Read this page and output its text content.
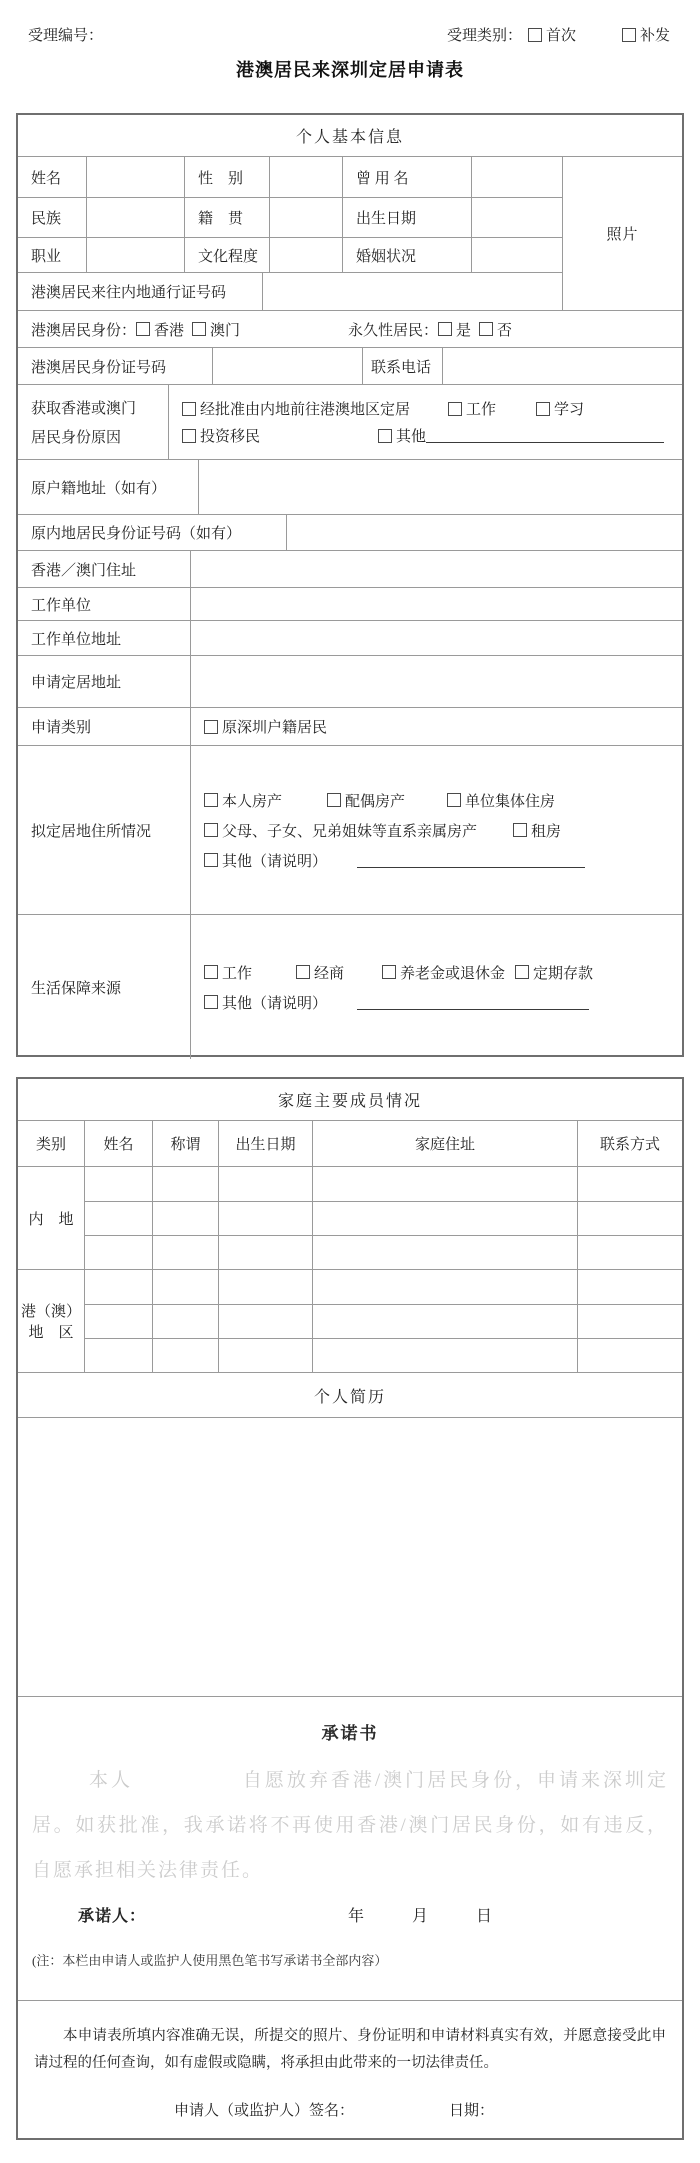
受理编号：	受理类别： 首次	补发
港澳居民来深圳定居申请表
个人基本信息
姓名	性　别	曾 用 名
民族	籍　贯	出生日期
职业	文化程度	婚姻状况
港澳居民来往内地通行证号码
照片
港澳居民身份： 香港 澳门	永久性居民： 是 否
港澳居民身份证号码	联系电话
获取香港或澳门
居民身份原因
经批准由内地前往港澳地区定居	工作	学习
投资移民	其他
原户籍地址（如有）
原内地居民身份证号码（如有）
香港／澳门住址
工作单位
工作单位地址
申请定居地址
申请类别	原深圳户籍居民
拟定居地住所情况
本人房产	配偶房产	单位集体住房
父母、子女、兄弟姐妹等直系亲属房产	租房
其他（请说明）
生活保障来源
工作	经商	养老金或退休金 定期存款
其他（请说明）
家庭主要成员情况
类别	姓名	称谓	出生日期	家庭住址	联系方式
内　地
港（澳）
地　区
个人简历
承诺书

本人　　　　　自愿放弃香港/澳门居民身份，申请来深圳定居。如获批准，我承诺将不再使用香港/澳门居民身份，如有违反，自愿承担相关法律责任。

承诺人：	年　　　月　　　日
(注：本栏由申请人或监护人使用黑色笔书写承诺书全部内容）

本申请表所填内容准确无误，所提交的照片、身份证明和申请材料真实有效，并愿意接受此申请过程的任何查询，如有虚假或隐瞒，将承担由此带来的一切法律责任。

申请人（或监护人）签名：	日期：
